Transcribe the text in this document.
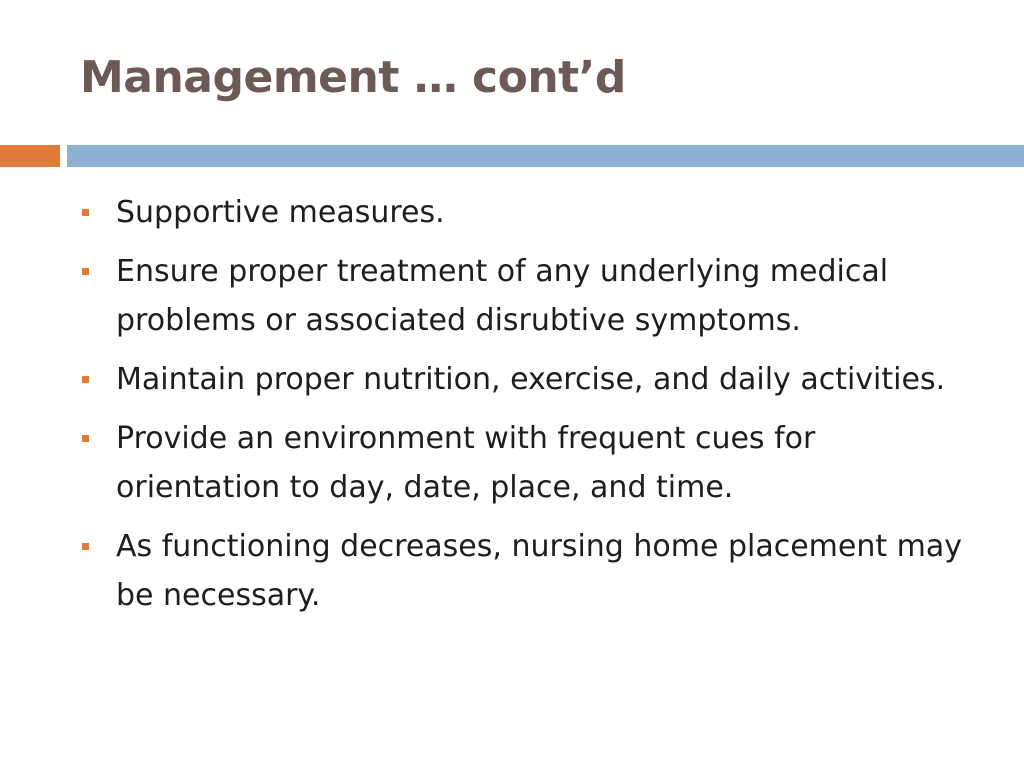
Management … cont’d
Supportive measures.
Ensure proper treatment of any underlying medical problems or associated disrubtive symptoms.
Maintain proper nutrition, exercise, and daily activities.
Provide an environment with frequent cues for orientation to day, date, place, and time.
As functioning decreases, nursing home placement may be necessary.
